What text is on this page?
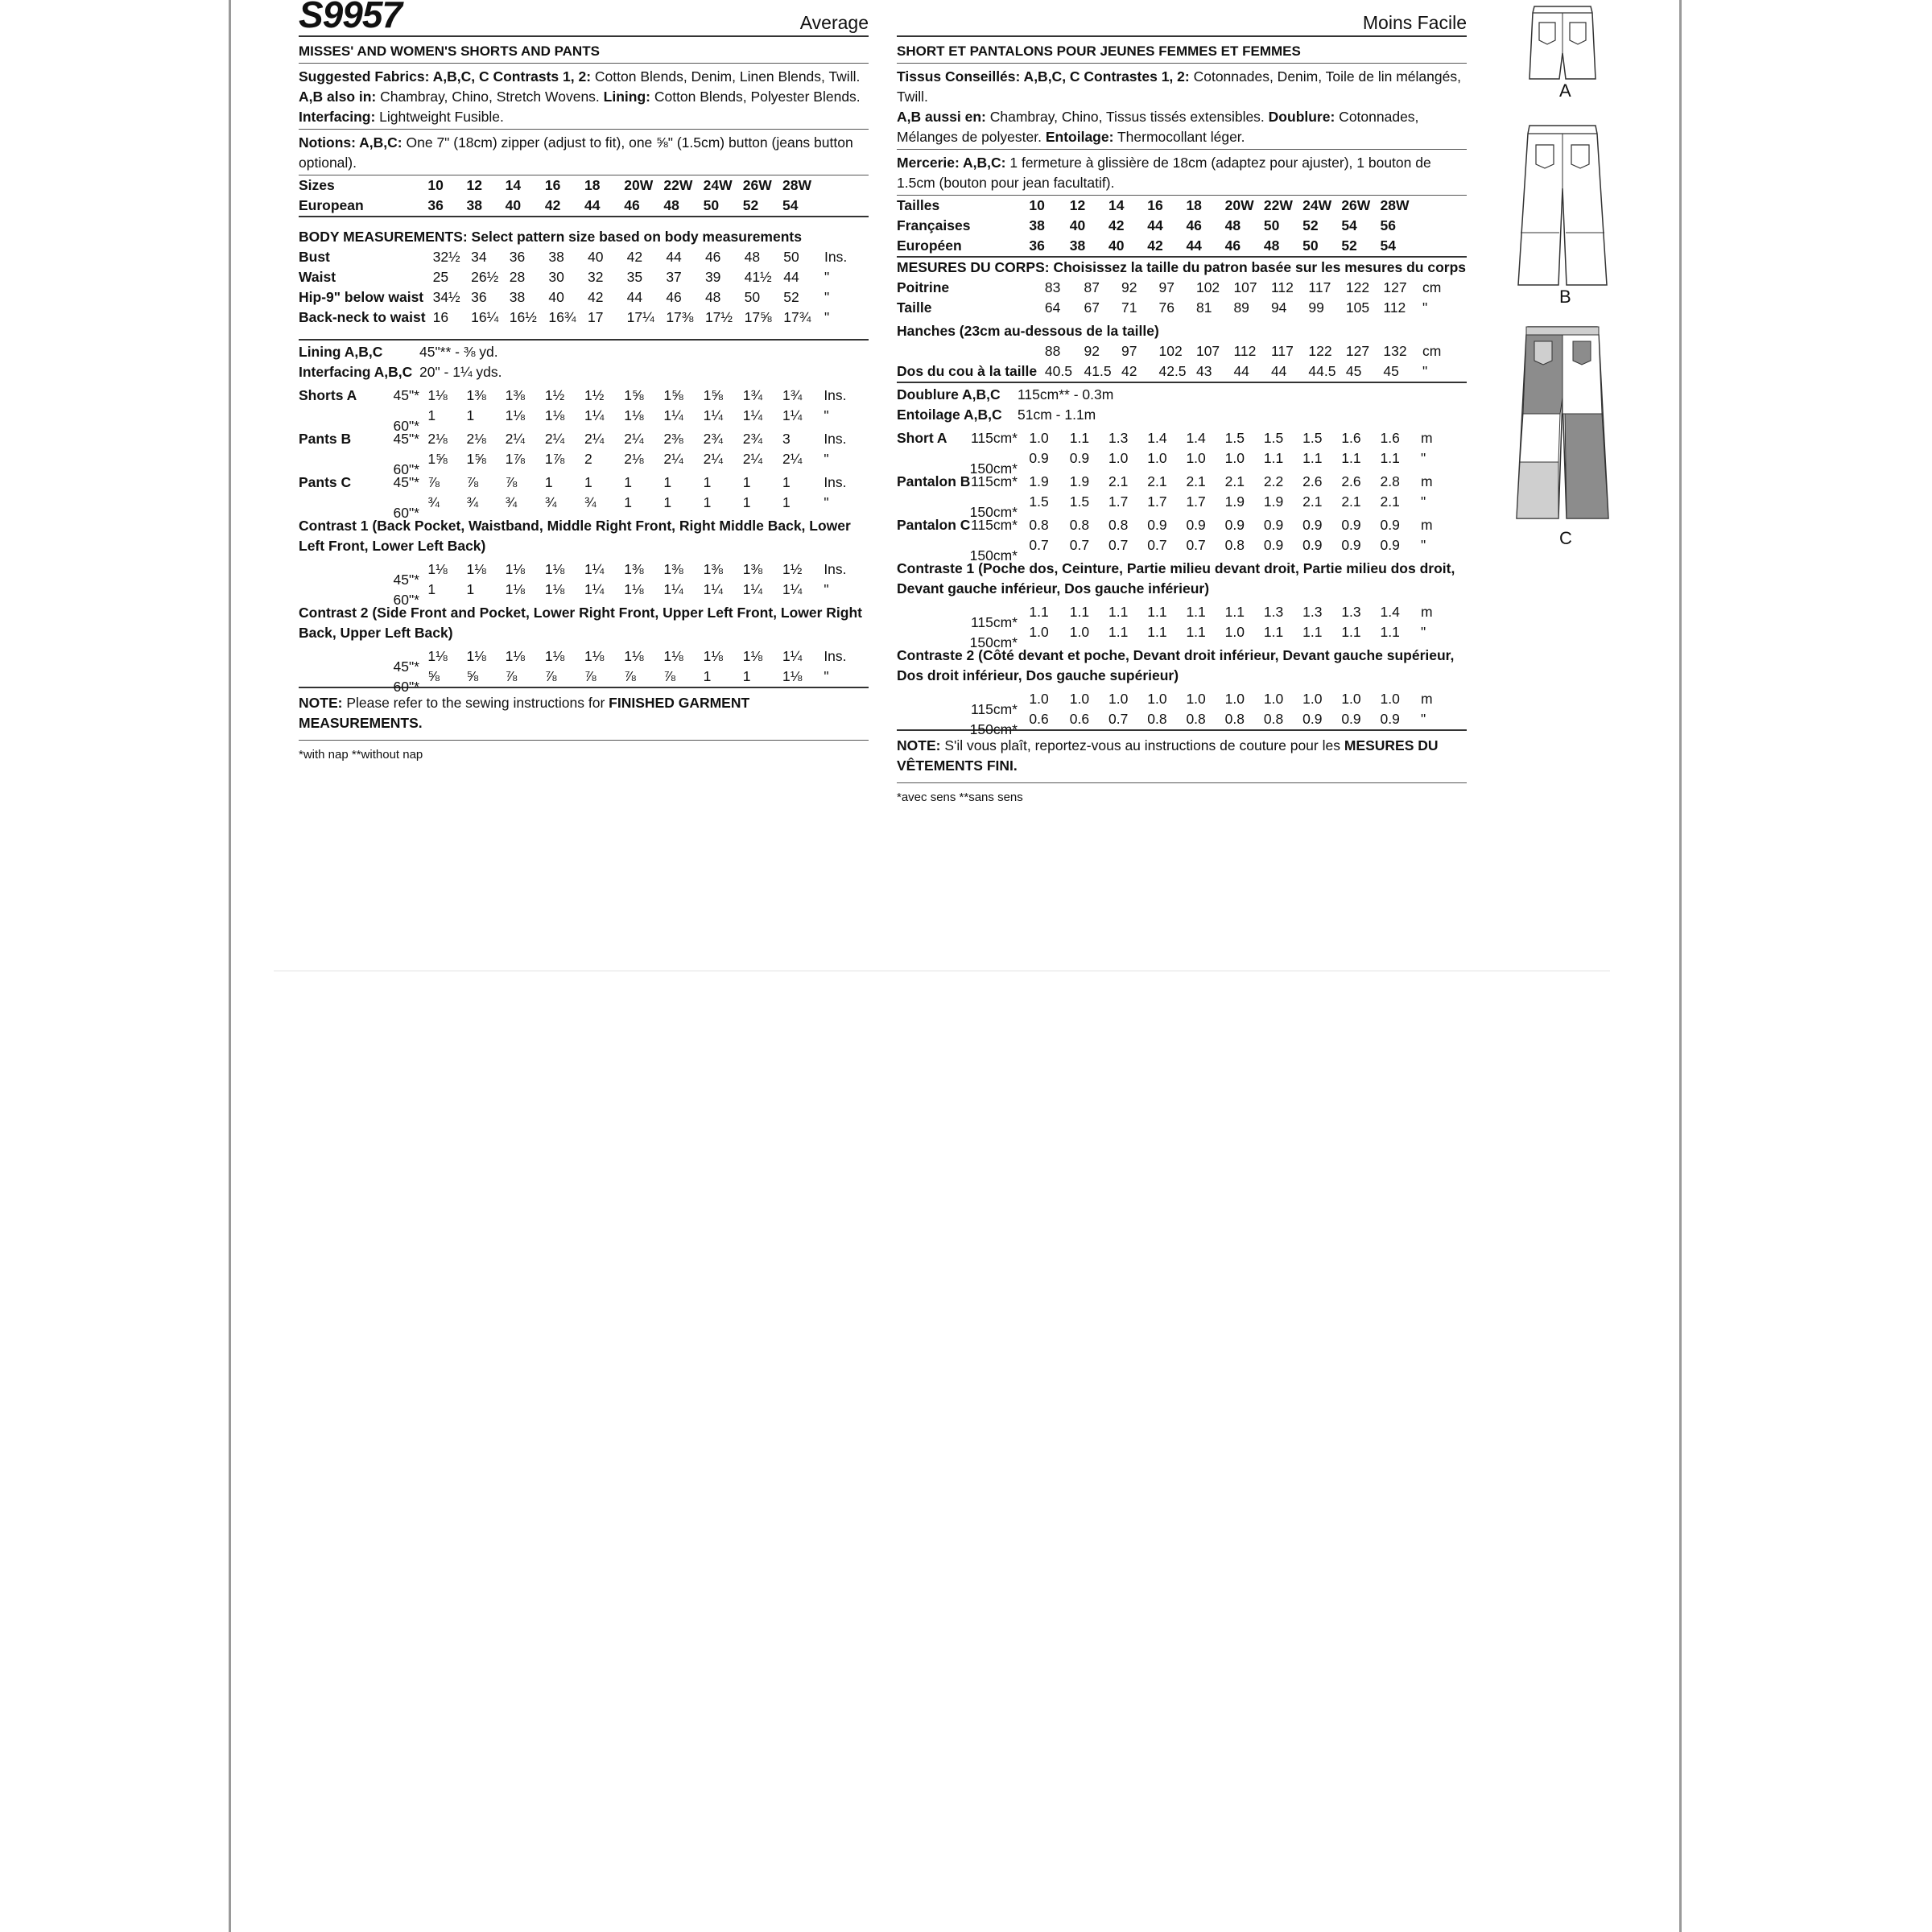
S9957	Average
MISSES' AND WOMEN'S SHORTS AND PANTS
Suggested Fabrics: A,B,C, C Contrasts 1, 2: Cotton Blends, Denim, Linen Blends, Twill.
A,B also in: Chambray, Chino, Stretch Wovens. Lining: Cotton Blends, Polyester Blends.
Interfacing: Lightweight Fusible.
Notions: A,B,C: One 7" (18cm) zipper (adjust to fit), one ⅝" (1.5cm) button (jeans button optional).
Sizes	10	12	14	16	18	20W	22W	24W	26W	28W	
European	36	38	40	42	44	46	48	50	52	54	
BODY MEASUREMENTS: Select pattern size based on body measurements
Bust	32½	34	36	38	40	42	44	46	48	50	Ins.
Waist	25	26½	28	30	32	35	37	39	41½	44	"
Hip-9" below waist	34½	36	38	40	42	44	46	48	50	52	"
Back-neck to waist	16	16¼	16½	16¾	17	17¼	17⅜	17½	17⅝	17¾	"
Lining A,B,C	45"** - ⅜ yd.
Interfacing A,B,C	20" - 1¼ yds.
Shorts A 45"*	1⅛	1⅜	1⅜	1½	1½	1⅝	1⅝	1⅝	1¾	1¾	Ins.

60"*	1	1	1⅛	1⅛	1¼	1⅛	1¼	1¼	1¼	1¼	"
Pants B 45"*	2⅛	2⅛	2¼	2¼	2¼	2¼	2⅜	2¾	2¾	3	Ins.

60"*	1⅝	1⅝	1⅞	1⅞	2	2⅛	2¼	2¼	2¼	2¼	"
Pants C 45"*	⅞	⅞	⅞	1	1	1	1	1	1	1	Ins.

60"*	¾	¾	¾	¾	¾	1	1	1	1	1	"
Contrast 1 (Back Pocket, Waistband, Middle Right Front, Right Middle Back, Lower Left Front, Lower Left Back)											

45"*	1⅛	1⅛	1⅛	1⅛	1¼	1⅜	1⅜	1⅜	1⅜	1½	Ins.

60"*	1	1	1⅛	1⅛	1¼	1⅛	1¼	1¼	1¼	1¼	"
Contrast 2 (Side Front and Pocket, Lower Right Front, Upper Left Front, Lower Right Back, Upper Left Back)											

45"*	1⅛	1⅛	1⅛	1⅛	1⅛	1⅛	1⅛	1⅛	1⅛	1¼	Ins.

60"*	⅝	⅝	⅞	⅞	⅞	⅞	⅞	1	1	1⅛	"
NOTE: Please refer to the sewing instructions for FINISHED GARMENT MEASUREMENTS.
*with nap **without nap
Moins Facile
SHORT ET PANTALONS POUR JEUNES FEMMES ET FEMMES
Tissus Conseillés: A,B,C, C Contrastes 1, 2: Cotonnades, Denim, Toile de lin mélangés, Twill.
A,B aussi en: Chambray, Chino, Tissus tissés extensibles. Doublure: Cotonnades, Mélanges de polyester. Entoilage: Thermocollant léger.
Mercerie: A,B,C: 1 fermeture à glissière de 18cm (adaptez pour ajuster), 1 bouton de 1.5cm (bouton pour jean facultatif).
Tailles	10	12	14	16	18	20W	22W	24W	26W	28W	
Françaises	38	40	42	44	46	48	50	52	54	56	
Européen	36	38	40	42	44	46	48	50	52	54	
MESURES DU CORPS: Choisissez la taille du patron basée sur les mesures du corps
Poitrine	83	87	92	97	102	107	112	117	122	127	cm
Taille	64	67	71	76	81	89	94	99	105	112	"
Hanches (23cm au-dessous de la taille)											
	88	92	97	102	107	112	117	122	127	132	cm
Dos du cou à la taille	40.5	41.5	42	42.5	43	44	44	44.5	45	45	"
Doublure A,B,C	115cm** - 0.3m
Entoilage A,B,C	51cm - 1.1m
Short A 115cm*	1.0	1.1	1.3	1.4	1.4	1.5	1.5	1.5	1.6	1.6	m

150cm*	0.9	0.9	1.0	1.0	1.0	1.0	1.1	1.1	1.1	1.1	"
Pantalon B 115cm*	1.9	1.9	2.1	2.1	2.1	2.1	2.2	2.6	2.6	2.8	m

150cm*	1.5	1.5	1.7	1.7	1.7	1.9	1.9	2.1	2.1	2.1	"
Pantalon C 115cm*	0.8	0.8	0.8	0.9	0.9	0.9	0.9	0.9	0.9	0.9	m

150cm*	0.7	0.7	0.7	0.7	0.7	0.8	0.9	0.9	0.9	0.9	"
Contraste 1 (Poche dos, Ceinture, Partie milieu devant droit, Partie milieu dos droit, Devant gauche inférieur, Dos gauche inférieur)											

115cm*	1.1	1.1	1.1	1.1	1.1	1.1	1.3	1.3	1.3	1.4	m

150cm*	1.0	1.0	1.1	1.1	1.1	1.0	1.1	1.1	1.1	1.1	"
Contraste 2 (Côté devant et poche, Devant droit inférieur, Devant gauche supérieur, Dos droit inférieur, Dos gauche supérieur)											

115cm*	1.0	1.0	1.0	1.0	1.0	1.0	1.0	1.0	1.0	1.0	m

150cm*	0.6	0.6	0.7	0.8	0.8	0.8	0.8	0.9	0.9	0.9	"
NOTE: S'il vous plaît, reportez-vous au instructions de couture pour les MESURES DU VÊTEMENTS FINI.
*avec sens **sans sens
A
B
C
